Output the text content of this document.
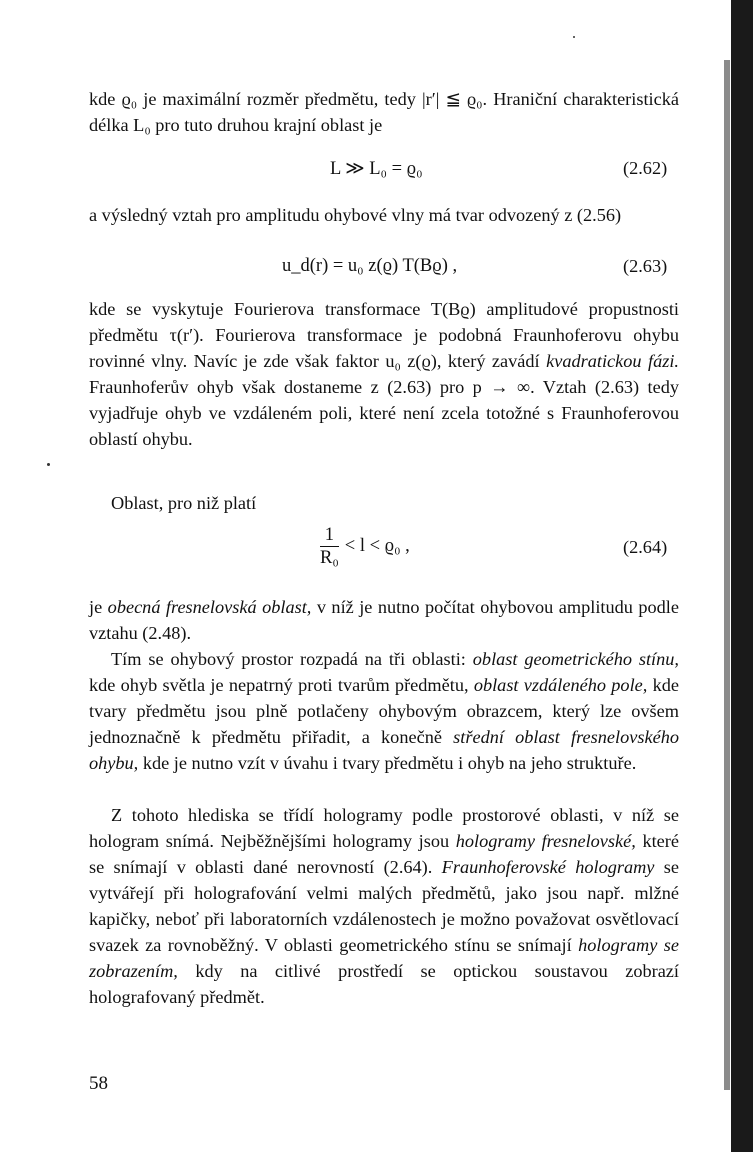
kde ϱ₀ je maximální rozměr předmětu, tedy |r′| ≦ ϱ₀. Hraniční charakteristická délka L₀ pro tuto druhou krajní oblast je

L ≫ L₀ = ϱ₀	(2.62)

a výsledný vztah pro amplitudu ohybové vlny má tvar odvozený z (2.56)

u_d(r) = u₀ z(ϱ) T(Bϱ) ,	(2.63)

kde se vyskytuje Fourierova transformace T(Bϱ) amplitudové propustnosti předmětu τ(r′). Fourierova transformace je podobná Fraunhoferovu ohybu rovinné vlny. Navíc je zde však faktor u₀ z(ϱ), který zavádí kvadratickou fázi. Fraunhoferův ohyb však dostaneme z (2.63) pro p → ∞. Vztah (2.63) tedy vyjadřuje ohyb ve vzdáleném poli, které není zcela totožné s Fraunhoferovou oblastí ohybu.

Oblast, pro niž platí

$\frac{1}{\text{R₀}} < l < ϱ_0$ ,	(2.64)

je obecná fresnelovská oblast, v níž je nutno počítat ohybovou amplitudu podle vztahu (2.48).

Tím se ohybový prostor rozpadá na tři oblasti: oblast geometrického stínu, kde ohyb světla je nepatrný proti tvarům předmětu, oblast vzdáleného pole, kde tvary předmětu jsou plně potlačeny ohybovým obrazcem, který lze ovšem jednoznačně k předmětu přiřadit, a konečně střední oblast fresnelovského ohybu, kde je nutno vzít v úvahu i tvary předmětu i ohyb na jeho struktuře.

Z tohoto hlediska se třídí hologramy podle prostorové oblasti, v níž se hologram snímá. Nejběžnějšími hologramy jsou hologramy fresnelovské, které se snímají v oblasti dané nerovností (2.64). Fraunhoferovské hologramy se vytvářejí při holografování velmi malých předmětů, jako jsou např. mlžné kapičky, neboť při laboratorních vzdálenostech je možno považovat osvětlovací svazek za rovnoběžný. V oblasti geometrického stínu se snímají hologramy se zobrazením, kdy na citlivé prostředí se optickou soustavou zobrazí holografovaný předmět.

58
